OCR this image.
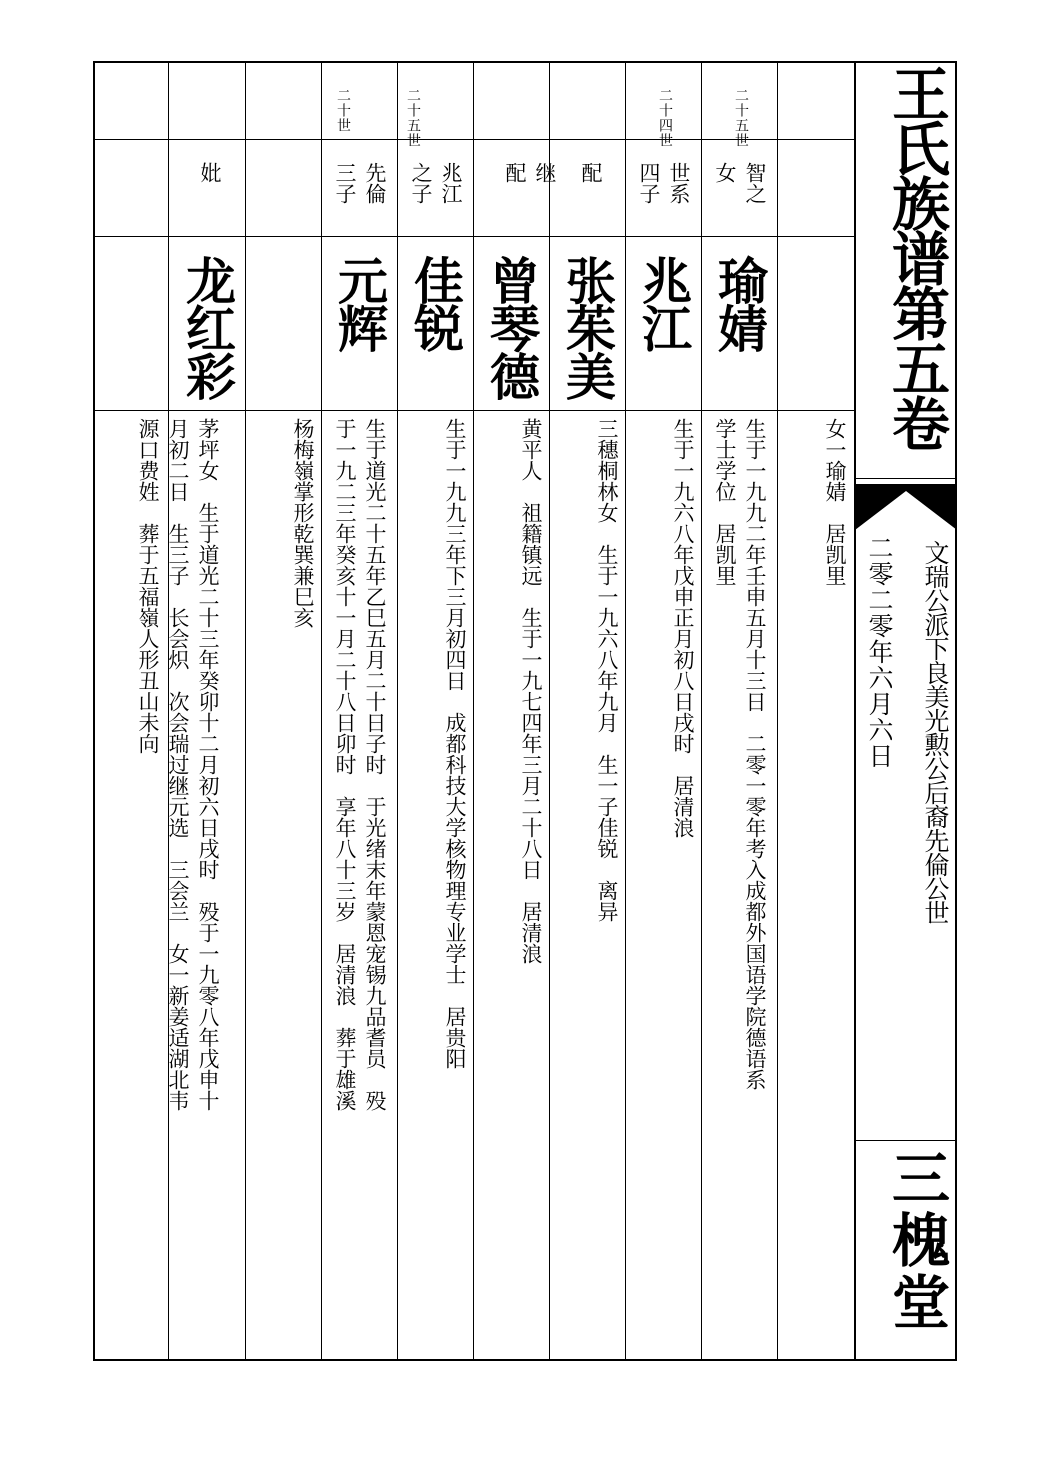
王氏族谱第五卷
文瑞公派下良美光勲公后裔先倫公世
二零二零年六月六日
三槐堂
女一瑜婧　居凯里
二十五世
智之
女
瑜婧
生于一九九二年壬申五月十三日　二零一零年考入成都外国语学院德语系
学士学位　居凯里
二十四世
世系
四子
兆江
生于一九六八年戊申正月初八日戌时　居清浪
配
张茱美
三穗桐林女　生于一九六八年九月　生一子佳锐　离异
继
配
曾琴德
黄平人　祖籍镇远　生于一九七四年三月二十八日　居清浪
二十五世
兆江
之子
佳锐
生于一九九三年下三月初四日　成都科技大学核物理专业学士　居贵阳
二十世
先倫
三子
元辉
生于道光二十五年乙巳五月二十日子时　于光绪末年蒙恩宠锡九品耆员　殁
于一九二三年癸亥十一月二十八日卯时　享年八十三岁　居清浪　葬于雄溪
杨梅嶺掌形乾巽兼巳亥
妣
龙红彩
茅坪女　生于道光二十三年癸卯十二月初六日戌时　殁于一九零八年戊申十
月初二日　生三子　长会炽　次会瑞过继元选　三会兰　女一新姜适湖北韦
源口费姓　葬于五福嶺人形丑山未向
